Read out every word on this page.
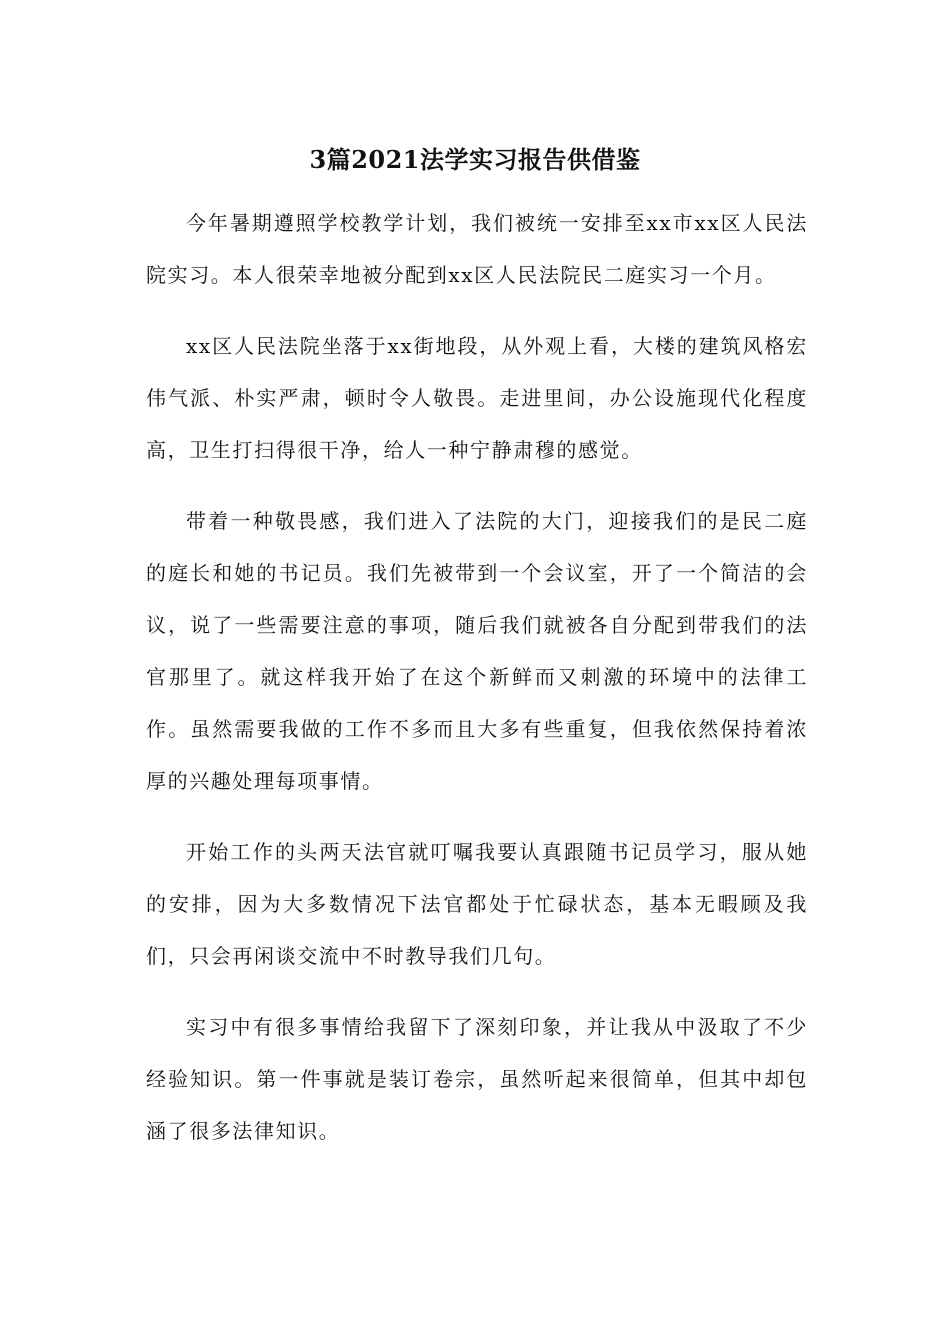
3篇2021法学实习报告供借鉴

今年暑期遵照学校教学计划，我们被统一安排至xx市xx区人民法院实习。本人很荣幸地被分配到xx区人民法院民二庭实习一个月。

xx区人民法院坐落于xx街地段，从外观上看，大楼的建筑风格宏伟气派、朴实严肃，顿时令人敬畏。走进里间，办公设施现代化程度高，卫生打扫得很干净，给人一种宁静肃穆的感觉。

带着一种敬畏感，我们进入了法院的大门，迎接我们的是民二庭的庭长和她的书记员。我们先被带到一个会议室，开了一个简洁的会议，说了一些需要注意的事项，随后我们就被各自分配到带我们的法官那里了。就这样我开始了在这个新鲜而又刺激的环境中的法律工作。虽然需要我做的工作不多而且大多有些重复，但我依然保持着浓厚的兴趣处理每项事情。

开始工作的头两天法官就叮嘱我要认真跟随书记员学习，服从她的安排，因为大多数情况下法官都处于忙碌状态，基本无暇顾及我们，只会再闲谈交流中不时教导我们几句。

实习中有很多事情给我留下了深刻印象，并让我从中汲取了不少经验知识。第一件事就是装订卷宗，虽然听起来很简单，但其中却包涵了很多法律知识。
